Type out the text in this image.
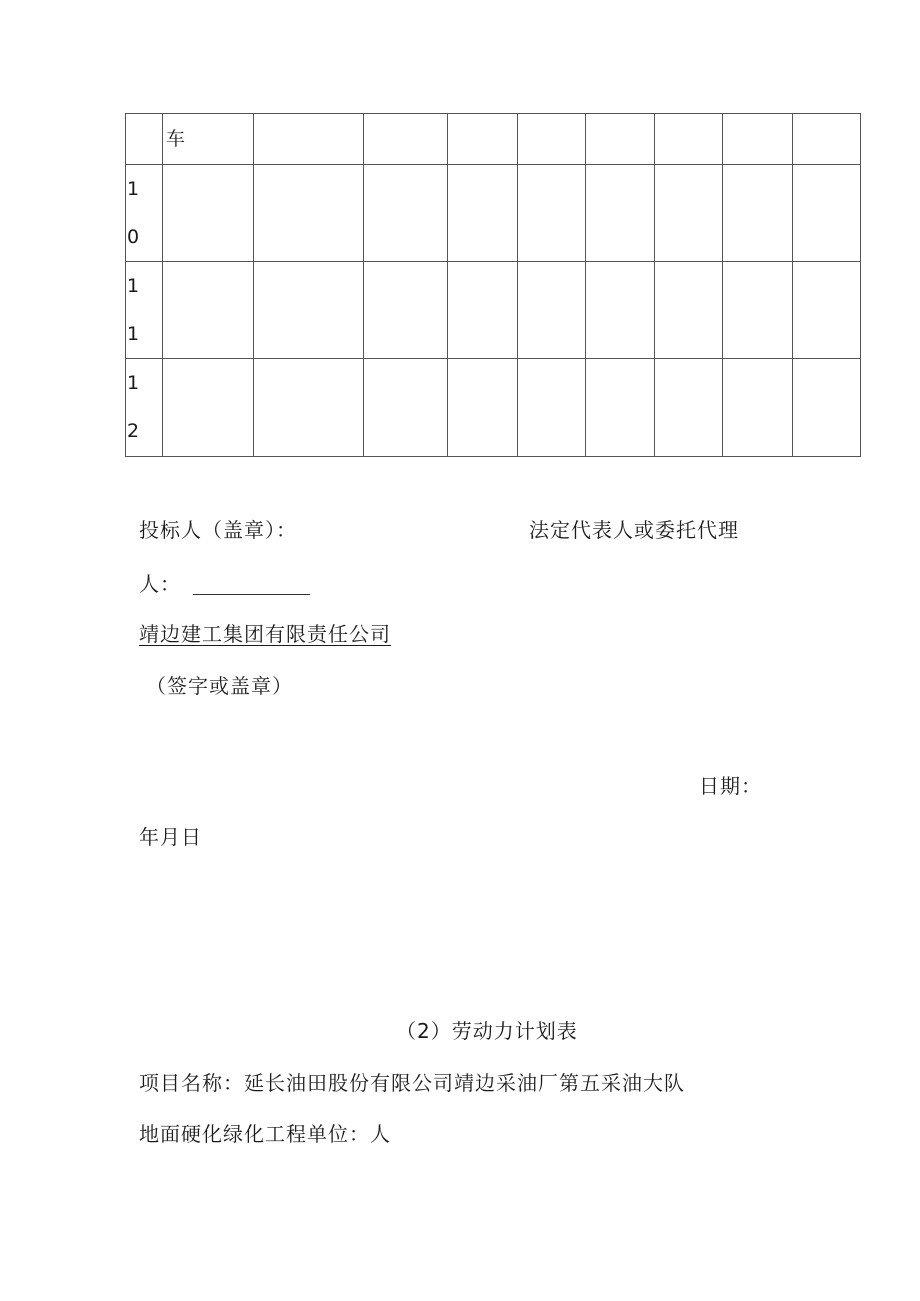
	车								

1
0									

1
1									

1
2									

投标人（盖章）：	法定代表人或委托代理
人：
靖边建工集团有限责任公司
（签字或盖章）
日期：
年月日
（2）劳动力计划表
项目名称：延长油田股份有限公司靖边采油厂第五采油大队
地面硬化绿化工程单位：人
